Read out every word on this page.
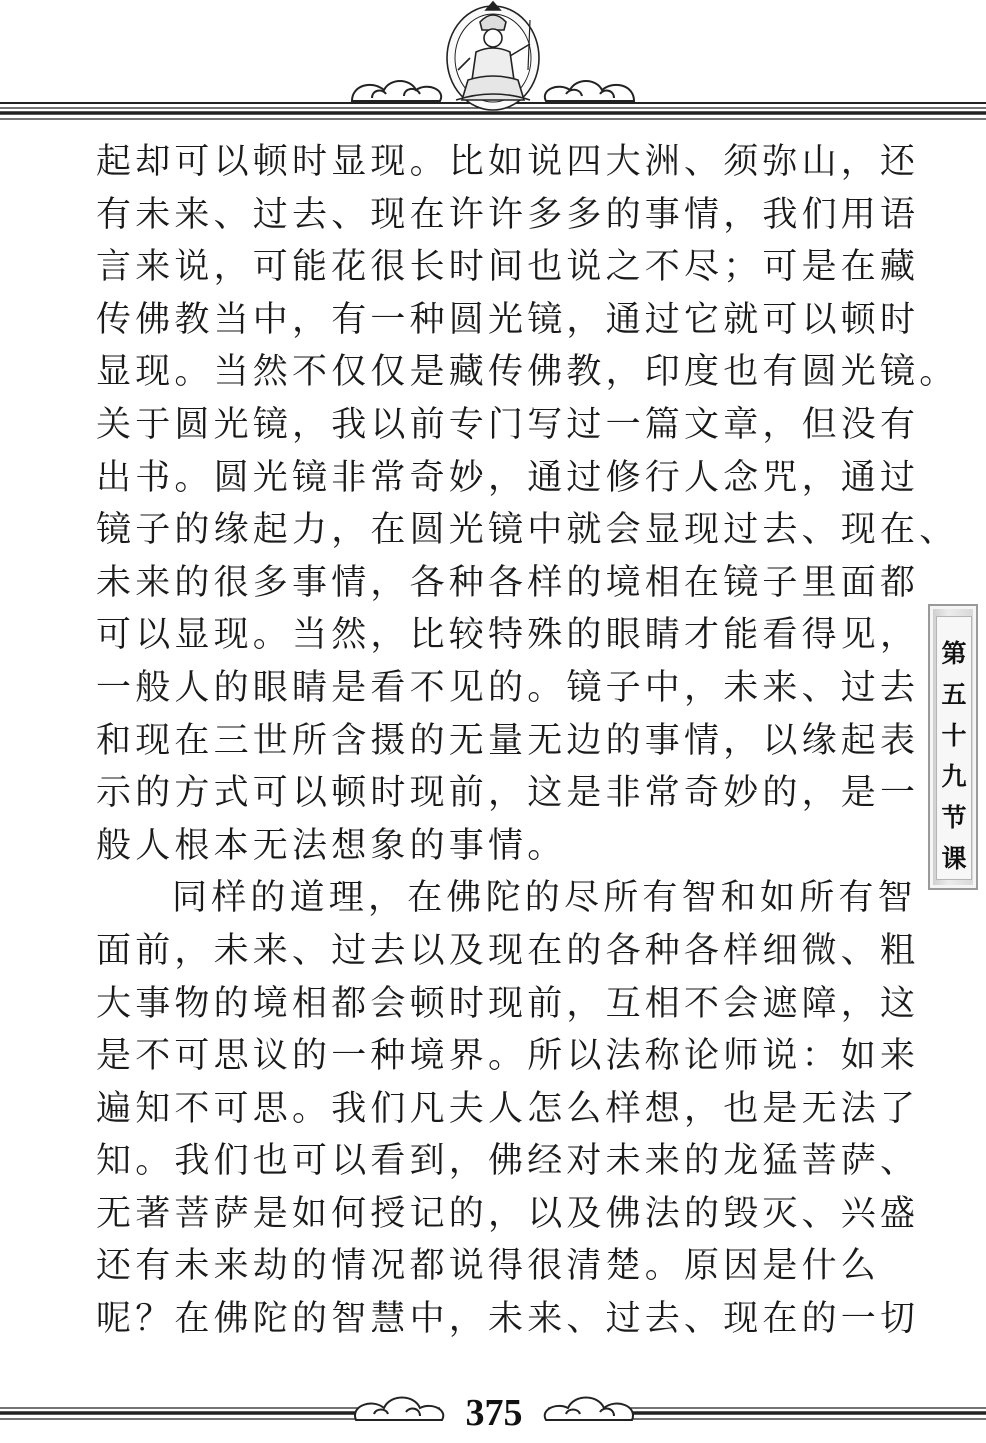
起却可以顿时显现。比如说四大洲、须弥山，还
有未来、过去、现在许许多多的事情，我们用语
言来说，可能花很长时间也说之不尽；可是在藏
传佛教当中，有一种圆光镜，通过它就可以顿时
显现。当然不仅仅是藏传佛教，印度也有圆光镜。
关于圆光镜，我以前专门写过一篇文章，但没有
出书。圆光镜非常奇妙，通过修行人念咒，通过
镜子的缘起力，在圆光镜中就会显现过去、现在、
未来的很多事情，各种各样的境相在镜子里面都
可以显现。当然，比较特殊的眼睛才能看得见，
一般人的眼睛是看不见的。镜子中，未来、过去
和现在三世所含摄的无量无边的事情，以缘起表
示的方式可以顿时现前，这是非常奇妙的，是一
般人根本无法想象的事情。
同样的道理，在佛陀的尽所有智和如所有智
面前，未来、过去以及现在的各种各样细微、粗
大事物的境相都会顿时现前，互相不会遮障，这
是不可思议的一种境界。所以法称论师说：如来
遍知不可思。我们凡夫人怎么样想，也是无法了
知。我们也可以看到，佛经对未来的龙猛菩萨、
无著菩萨是如何授记的，以及佛法的毁灭、兴盛
还有未来劫的情况都说得很清楚。原因是什么
呢？在佛陀的智慧中，未来、过去、现在的一切
第五十九节课
375
